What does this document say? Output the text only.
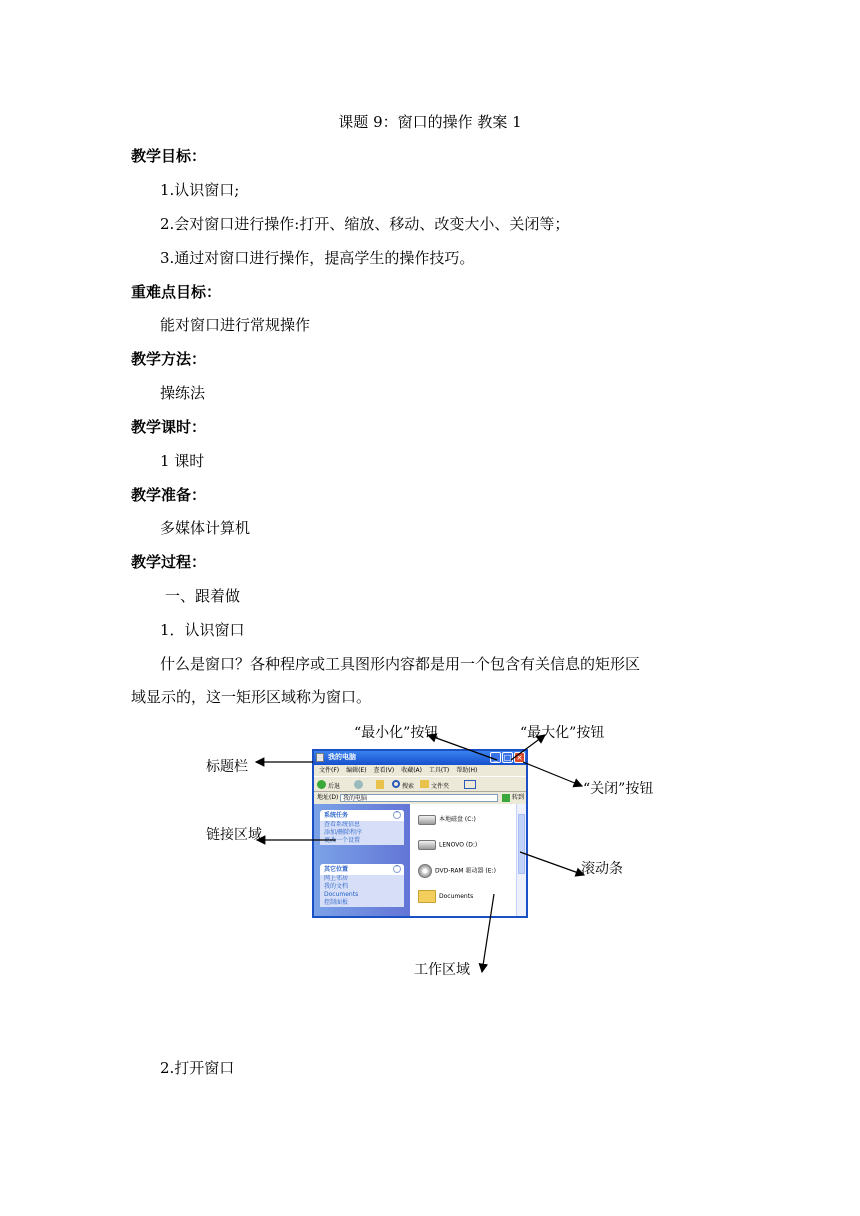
课题 9：窗口的操作 教案 1
教学目标：
1.认识窗口;
2.会对窗口进行操作:打开、缩放、移动、改变大小、关闭等；
3.通过对窗口进行操作，提高学生的操作技巧。
重难点目标：
能对窗口进行常规操作
教学方法：
操练法
教学课时：
1 课时
教学准备：
多媒体计算机
教学过程：
一、跟着做
1．认识窗口
什么是窗口？各种程序或工具图形内容都是用一个包含有关信息的矩形区
域显示的，这一矩形区域称为窗口。
2.打开窗口
“最小化”按钮	“最大化”按钮
标题栏
“关闭”按钮
链接区域
滚动条
工作区域
我的电脑	_ □ ×
文件(F) 编辑(E) 查看(V) 收藏(A) 工具(T) 帮助(H)
后退	搜索	文件夹
地址(D) 我的电脑	转到
系统任务	˄
查看系统信息
添加/删除程序
更改一个设置
其它位置	˄
网上邻居
我的文档
Documents
控制面板
本地磁盘 (C:)
LENOVO (D:)
DVD-RAM 驱动器 (E:)
Documents
